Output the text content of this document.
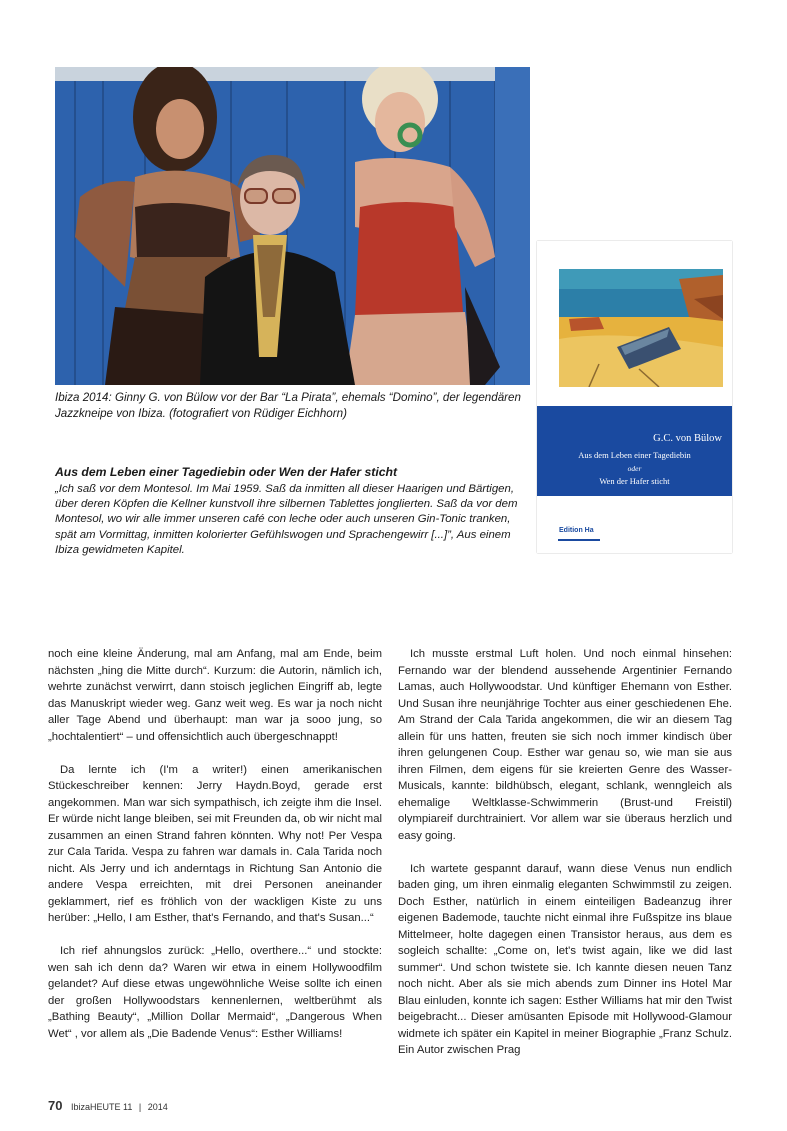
Ibiza 2014: Ginny G. von Bülow vor der Bar “La Pirata”, ehemals “Domino”, der legendären Jazzkneipe von Ibiza. (fotografiert von Rüdiger Eichhorn)
Aus dem Leben einer Tagediebin oder Wen der Hafer sticht
„Ich saß vor dem Montesol. Im Mai 1959. Saß da inmitten all dieser Haarigen und Bärtigen, über deren Köpfen die Kellner kunstvoll ihre silbernen Tablettes jonglierten. Saß da vor dem Montesol, wo wir alle immer unseren café con leche oder auch unseren Gin-Tonic tranken, spät am Vormittag, inmitten kolorierter Gefühlswogen und Sprachengewirr [...]”, Aus einem Ibiza gewidmeten Kapitel.
G.C. von Bülow
Aus dem Leben einer Tagediebin
oder
Wen der Hafer sticht
Edition Ha

noch eine kleine Änderung, mal am Anfang, mal am Ende, beim nächsten „hing die Mitte durch“. Kurzum: die Autorin, nämlich ich, wehrte zunächst verwirrt, dann stoisch jeglichen Eingriff ab, legte das Manuskript wieder weg. Ganz weit weg. Es war ja noch nicht aller Tage Abend und überhaupt: man war ja sooo jung, so „hochtalentiert“ – und offensichtlich auch übergeschnappt!

Da lernte ich (I'm a writer!) einen amerikanischen Stückeschreiber kennen: Jerry Haydn.Boyd, gerade erst angekommen. Man war sich sympathisch, ich zeigte ihm die Insel. Er würde nicht lange bleiben, sei mit Freunden da, ob wir nicht mal zusammen an einen Strand fahren könnten. Why not! Per Vespa zur Cala Tarida. Vespa zu fahren war damals in. Cala Tarida noch nicht. Als Jerry und ich anderntags in Richtung San Antonio die andere Vespa erreichten, mit drei Personen aneinander geklammert, rief es fröhlich von der wackligen Kiste zu uns herüber: „Hello, I am Esther, that's Fernando, and that's Susan...“

Ich rief ahnungslos zurück: „Hello, overthere...“ und stockte: wen sah ich denn da? Waren wir etwa in einem Hollywoodfilm gelandet? Auf diese etwas ungewöhnliche Weise sollte ich einen der großen Hollywoodstars kennenlernen, weltberühmt als „Bathing Beauty“, „Million Dollar Mermaid“, „Dangerous When Wet“ , vor allem als „Die Badende Venus“: Esther Williams!

Ich musste erstmal Luft holen. Und noch einmal hinsehen: Fernando war der blendend aussehende Argentinier Fernando Lamas, auch Hollywoodstar. Und künftiger Ehemann von Esther. Und Susan ihre neunjährige Tochter aus einer geschiedenen Ehe. Am Strand der Cala Tarida angekommen, die wir an diesem Tag allein für uns hatten, freuten sie sich noch immer kindisch über ihren gelungenen Coup. Esther war genau so, wie man sie aus ihren Filmen, dem eigens für sie kreierten Genre des Wasser-Musicals, kannte: bildhübsch, elegant, schlank, wenngleich als ehemalige Weltklasse-Schwimmerin (Brust-und Freistil) olympiareif durchtrainiert. Vor allem war sie überaus herzlich und easy going.

Ich wartete gespannt darauf, wann diese Venus nun endlich baden ging, um ihren einmalig eleganten Schwimmstil zu zeigen. Doch Esther, natürlich in einem einteiligen Badeanzug ihrer eigenen Bademode, tauchte nicht einmal ihre Fußspitze ins blaue Mittelmeer, holte dagegen einen Transistor heraus, aus dem es sogleich schallte: „Come on, let's twist again, like we did last summer“. Und schon twistete sie. Ich kannte diesen neuen Tanz noch nicht. Aber als sie mich abends zum Dinner ins Hotel Mar Blau einluden, konnte ich sagen: Esther Williams hat mir den Twist beigebracht... Dieser amüsanten Episode mit Hollywood-Glamour widmete ich später ein Kapitel in meiner Biographie „Franz Schulz. Ein Autor zwischen Prag

70 IbizaHEUTE 11 | 2014
